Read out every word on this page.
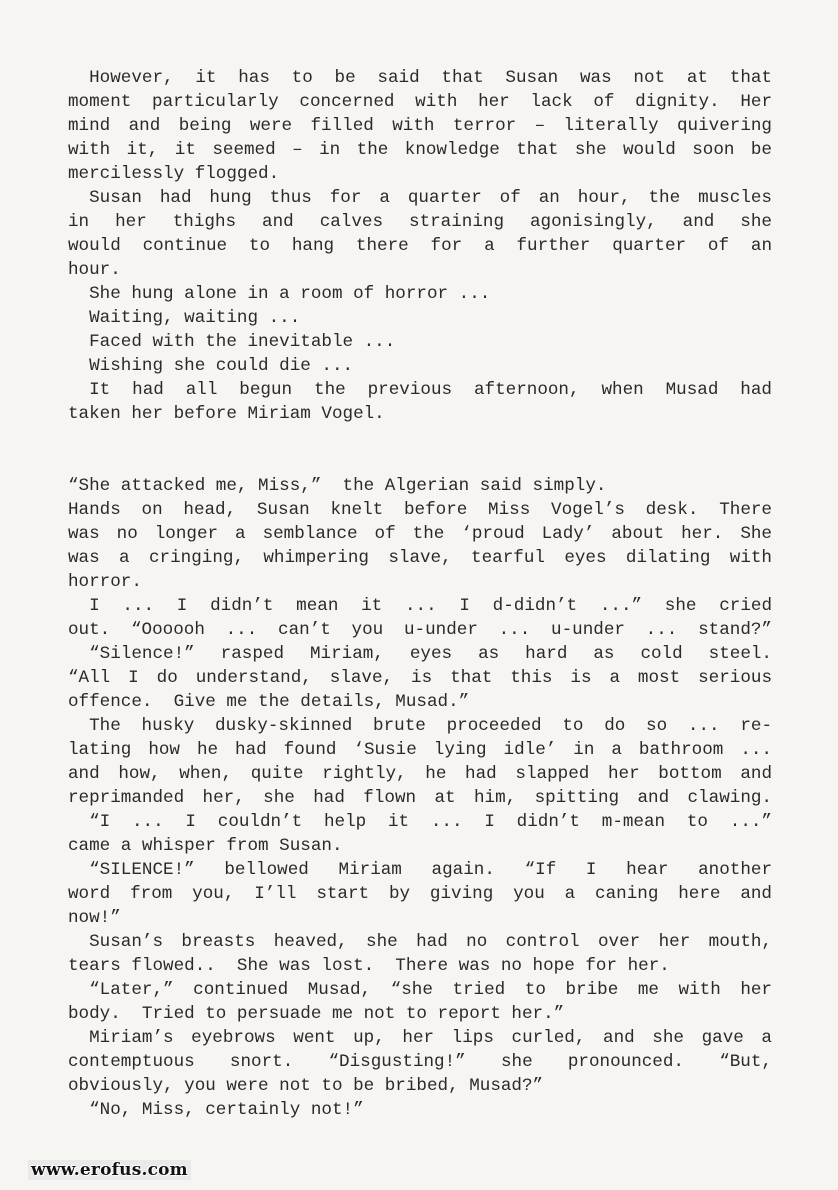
However, it has to be said that Susan was not at that
moment particularly concerned with her lack of dignity. Her
mind and being were filled with terror – literally quivering
with it, it seemed – in the knowledge that she would soon be
mercilessly flogged.
Susan had hung thus for a quarter of an hour, the muscles
in her thighs and calves straining agonisingly, and she
would continue to hang there for a further quarter of an
hour.
She hung alone in a room of horror ...
Waiting, waiting ...
Faced with the inevitable ...
Wishing she could die ...
It had all begun the previous afternoon, when Musad had
taken her before Miriam Vogel.
“She attacked me, Miss,”  the Algerian said simply.
Hands on head, Susan knelt before Miss Vogel’s desk. There
was no longer a semblance of the ‘proud Lady’ about her. She
was a cringing, whimpering slave, tearful eyes dilating with
horror.
I ... I didn’t mean it ... I d-didn’t ...” she cried
out. “Oooooh ... can’t you u-under ... u-under ... stand?”
“Silence!” rasped Miriam, eyes as hard as cold steel.
“All I do understand, slave, is that this is a most serious
offence.  Give me the details, Musad.”
The husky dusky-skinned brute proceeded to do so ... re-
lating how he had found ‘Susie lying idle’ in a bathroom ...
and how, when, quite rightly, he had slapped her bottom and
reprimanded her, she had flown at him, spitting and clawing.
“I ... I couldn’t help it ... I didn’t m-mean to ...”
came a whisper from Susan.
“SILENCE!” bellowed Miriam again. “If I hear another
word from you, I’ll start by giving you a caning here and
now!”
Susan’s breasts heaved, she had no control over her mouth,
tears flowed..  She was lost.  There was no hope for her.
“Later,” continued Musad, “she tried to bribe me with her
body.  Tried to persuade me not to report her.”
Miriam’s eyebrows went up, her lips curled, and she gave a
contemptuous snort. “Disgusting!” she pronounced. “But,
obviously, you were not to be bribed, Musad?”
“No, Miss, certainly not!”
www.erofus.com
